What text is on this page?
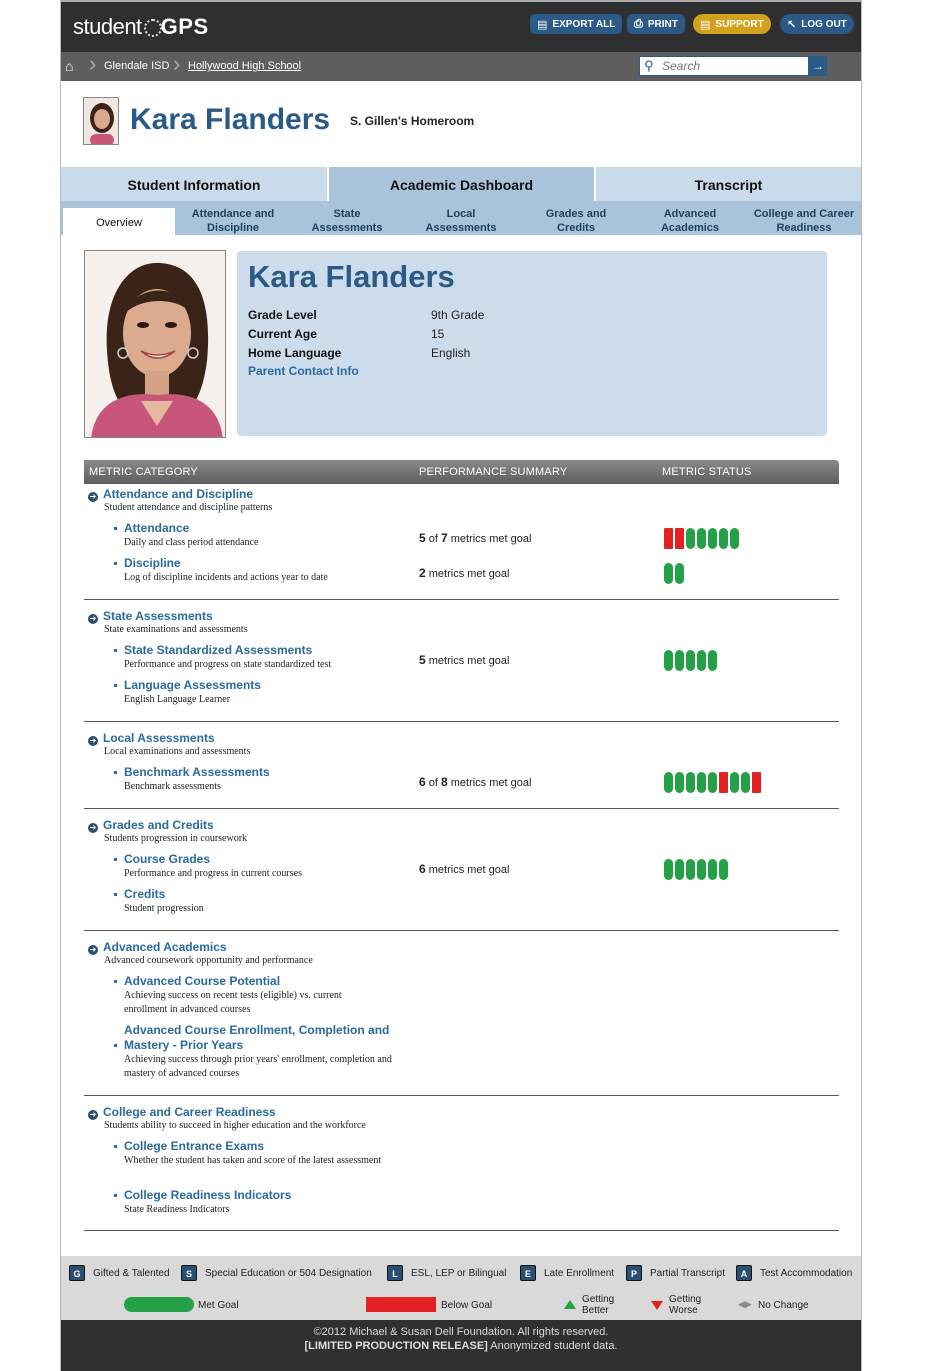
student GPS	▤ EXPORT ALL ⎙ PRINT ▤ SUPPORT ↖ LOG OUT
⌂ › Glendale ISD › Hollywood High School	⚲
Search	→
Kara Flanders S. Gillen's Homeroom
Student Information	Academic Dashboard	Transcript
Overview
Attendance and Discipline
State Assessments
Local Assessments
Grades and Credits
Advanced Academics
College and Career Readiness
Kara Flanders
Grade Level	9th Grade
Current Age	15
Home Language	English
Parent Contact Info
METRIC CATEGORY	PERFORMANCE SUMMARY	METRIC STATUS
➔ Attendance and Discipline
Student attendance and discipline patterns
Attendance
Daily and class period attendance	5 of 7 metrics met goal
Discipline
Log of discipline incidents and actions year to date	2 metrics met goal
➔ State Assessments
State examinations and assessments
State Standardized Assessments
Performance and progress on state standardized test	5 metrics met goal
Language Assessments
English Language Learner
➔ Local Assessments
Local examinations and assessments
Benchmark Assessments
Benchmark assessments	6 of 8 metrics met goal
➔ Grades and Credits
Students progression in coursework
Course Grades
Performance and progress in current courses	6 metrics met goal
Credits
Student progression
➔ Advanced Academics
Advanced coursework opportunity and performance
Advanced Course Potential
Achieving success on recent tests (eligible) vs. current enrollment in advanced courses
Advanced Course Enrollment, Completion and Mastery - Prior Years
Achieving success through prior years' enrollment, completion and mastery of advanced courses
➔ College and Career Readiness
Students ability to succeed in higher education and the workforce
College Entrance Exams
Whether the student has taken and score of the latest assessment
College Readiness Indicators
State Readiness Indicators
G	Gifted & Talented	S	Special Education or 504 Designation	L	ESL, LEP or Bilingual	E	Late Enrollment	P	Partial Transcript	A	Test Accommodation
Met Goal	Below Goal
Getting Better
Getting Worse
◀▶ No Change
©2012 Michael & Susan Dell Foundation. All rights reserved.
[LIMITED PRODUCTION RELEASE] Anonymized student data.
